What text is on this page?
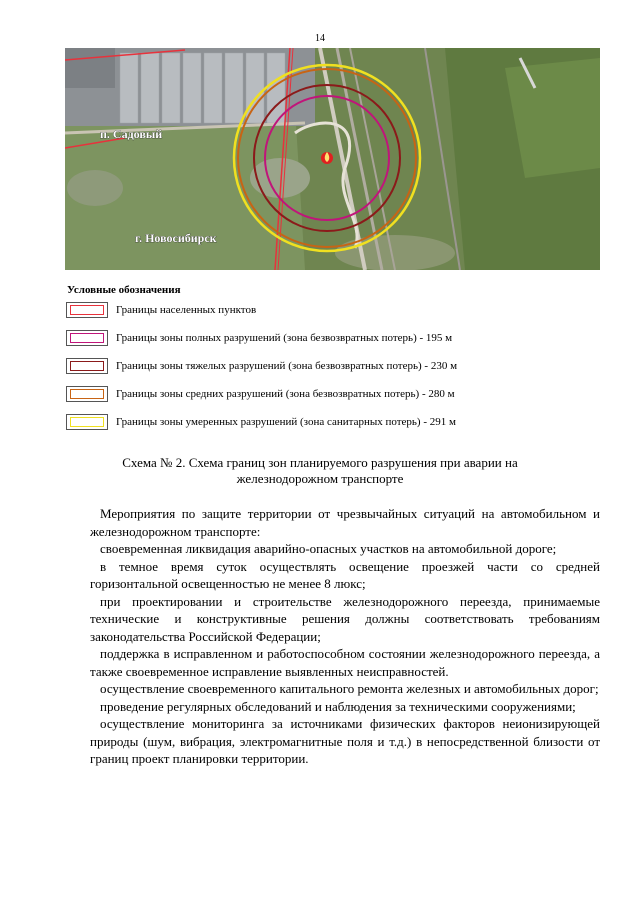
14
п. Садовый
г. Новосибирск
Условные обозначения
Границы населенных пунктов
Границы зоны полных разрушений (зона безвозвратных потерь) - 195 м
Границы зоны тяжелых разрушений (зона безвозвратных потерь) - 230 м
Границы зоны средних разрушений (зона безвозвратных потерь) - 280 м
Границы зоны умеренных разрушений (зона санитарных потерь) - 291 м
Схема № 2. Схема границ зон планируемого разрушения при аварии на
железнодорожном транспорте

Мероприятия по защите территории от чрезвычайных ситуаций на автомобильном и железнодорожном транспорте:

своевременная ликвидация аварийно-опасных участков на автомобильной дороге;

в темное время суток осуществлять освещение проезжей части со средней горизонтальной освещенностью не менее 8 люкс;

при проектировании и строительстве железнодорожного переезда, принимаемые технические и конструктивные решения должны соответствовать требованиям законодательства Российской Федерации;

поддержка в исправленном и работоспособном состоянии железнодорожного переезда, а также своевременное исправление выявленных неисправностей.

осуществление своевременного капитального ремонта железных и автомобильных дорог;

проведение регулярных обследований и наблюдения за техническими сооружениями;

осуществление мониторинга за источниками физических факторов неионизирующей природы (шум, вибрация, электромагнитные поля и т.д.) в непосредственной близости от границ проект планировки территории.
